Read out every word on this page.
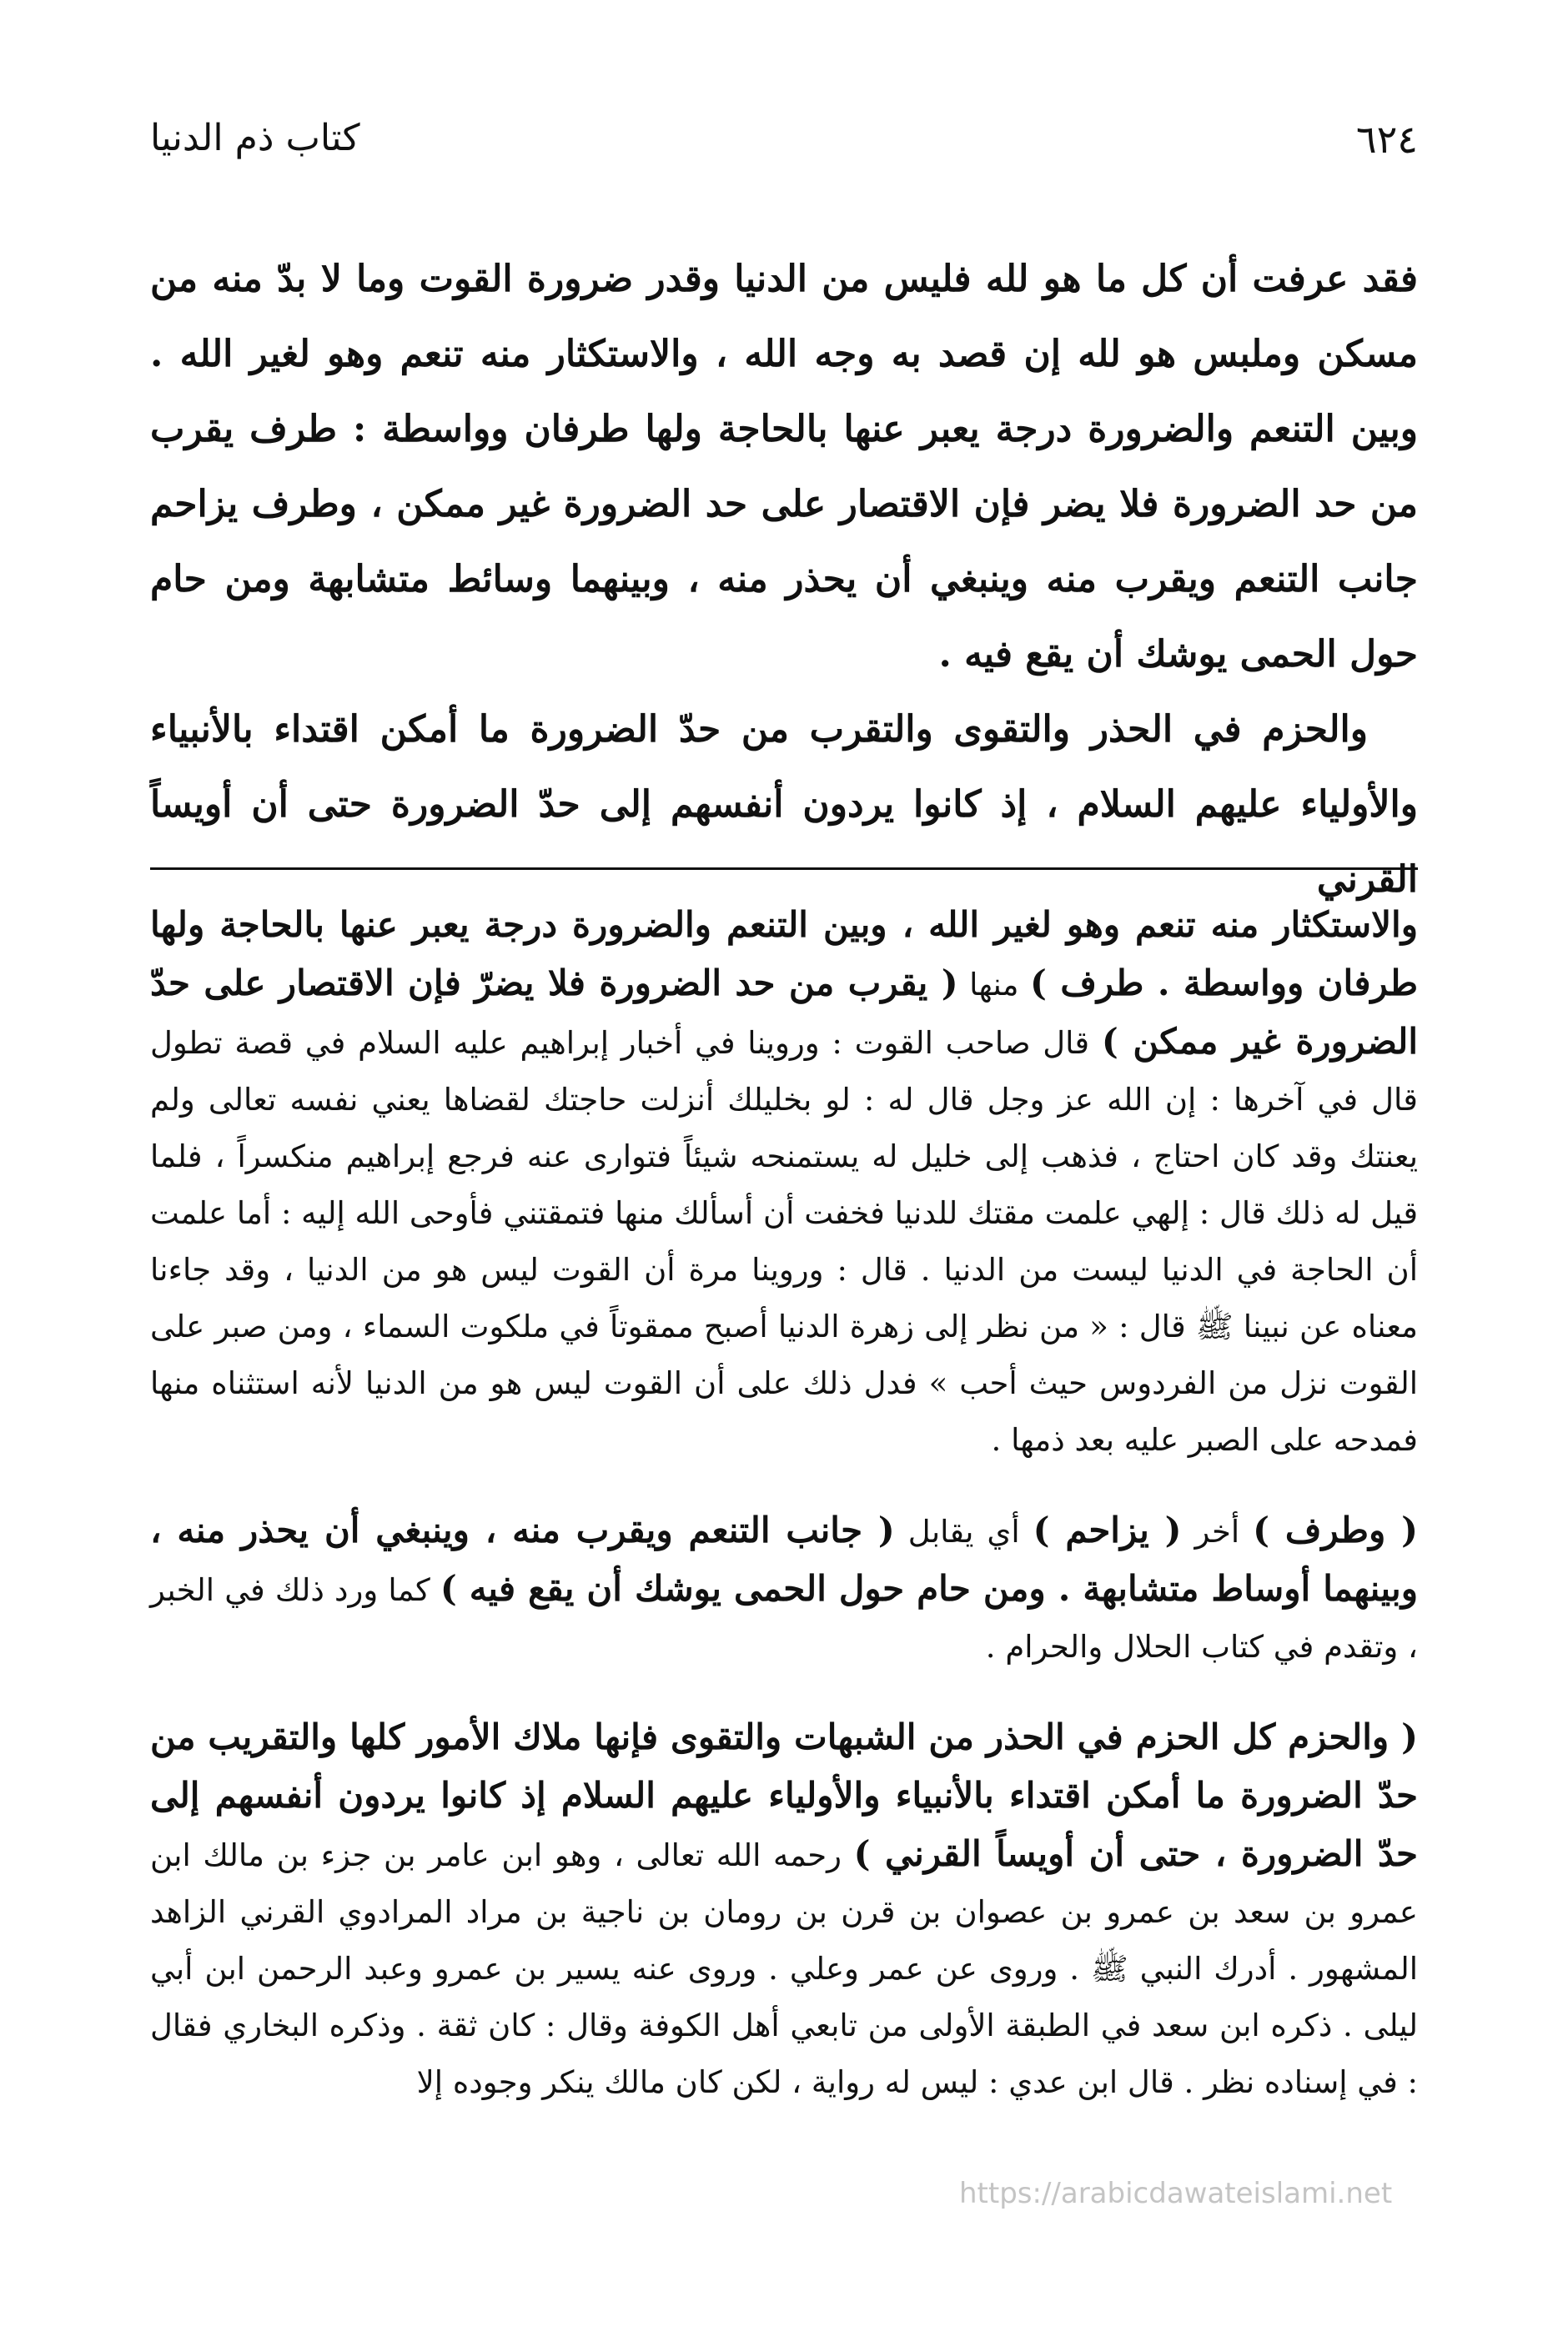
٦٢٤
كتاب ذم الدنيا

فقد عرفت أن كل ما هو لله فليس من الدنيا وقدر ضرورة القوت وما لا بدّ منه من مسكن وملبس هو لله إن قصد به وجه الله ، والاستكثار منه تنعم وهو لغير الله . وبين التنعم والضرورة درجة يعبر عنها بالحاجة ولها طرفان وواسطة : طرف يقرب من حد الضرورة فلا يضر فإن الاقتصار على حد الضرورة غير ممكن ، وطرف يزاحم جانب التنعم ويقرب منه وينبغي أن يحذر منه ، وبينهما وسائط متشابهة ومن حام حول الحمى يوشك أن يقع فيه .

والحزم في الحذر والتقوى والتقرب من حدّ الضرورة ما أمكن اقتداء بالأنبياء والأولياء عليهم السلام ، إذ كانوا يردون أنفسهم إلى حدّ الضرورة حتى أن أويساً القرني

والاستكثار منه تنعم وهو لغير الله ، وبين التنعم والضرورة درجة يعبر عنها بالحاجة ولها طرفان وواسطة . طرف ) منها ( يقرب من حد الضرورة فلا يضرّ فإن الاقتصار على حدّ الضرورة غير ممكن ) قال صاحب القوت : وروينا في أخبار إبراهيم عليه السلام في قصة تطول قال في آخرها : إن الله عز وجل قال له : لو بخليلك أنزلت حاجتك لقضاها يعني نفسه تعالى ولم يعنتك وقد كان احتاج ، فذهب إلى خليل له يستمنحه شيئاً فتوارى عنه فرجع إبراهيم منكسراً ، فلما قيل له ذلك قال : إلهي علمت مقتك للدنيا فخفت أن أسألك منها فتمقتني فأوحى الله إليه : أما علمت أن الحاجة في الدنيا ليست من الدنيا . قال : وروينا مرة أن القوت ليس هو من الدنيا ، وقد جاءنا معناه عن نبينا ﷺ قال : « من نظر إلى زهرة الدنيا أصبح ممقوتاً في ملكوت السماء ، ومن صبر على القوت نزل من الفردوس حيث أحب » فدل ذلك على أن القوت ليس هو من الدنيا لأنه استثناه منها فمدحه على الصبر عليه بعد ذمها .

( وطرف ) أخر ( يزاحم ) أي يقابل ( جانب التنعم ويقرب منه ، وينبغي أن يحذر منه ، وبينهما أوساط متشابهة . ومن حام حول الحمى يوشك أن يقع فيه ) كما ورد ذلك في الخبر ، وتقدم في كتاب الحلال والحرام .

( والحزم كل الحزم في الحذر من الشبهات والتقوى فإنها ملاك الأمور كلها والتقريب من حدّ الضرورة ما أمكن اقتداء بالأنبياء والأولياء عليهم السلام إذ كانوا يردون أنفسهم إلى حدّ الضرورة ، حتى أن أويساً القرني ) رحمه الله تعالى ، وهو ابن عامر بن جزء بن مالك ابن عمرو بن سعد بن عمرو بن عصوان بن قرن بن رومان بن ناجية بن مراد المرادوي القرني الزاهد المشهور . أدرك النبي ﷺ . وروى عن عمر وعلي . وروى عنه يسير بن عمرو وعبد الرحمن ابن أبي ليلى . ذكره ابن سعد في الطبقة الأولى من تابعي أهل الكوفة وقال : كان ثقة . وذكره البخاري فقال : في إسناده نظر . قال ابن عدي : ليس له رواية ، لكن كان مالك ينكر وجوده إلا

https://arabicdawateislami.net
